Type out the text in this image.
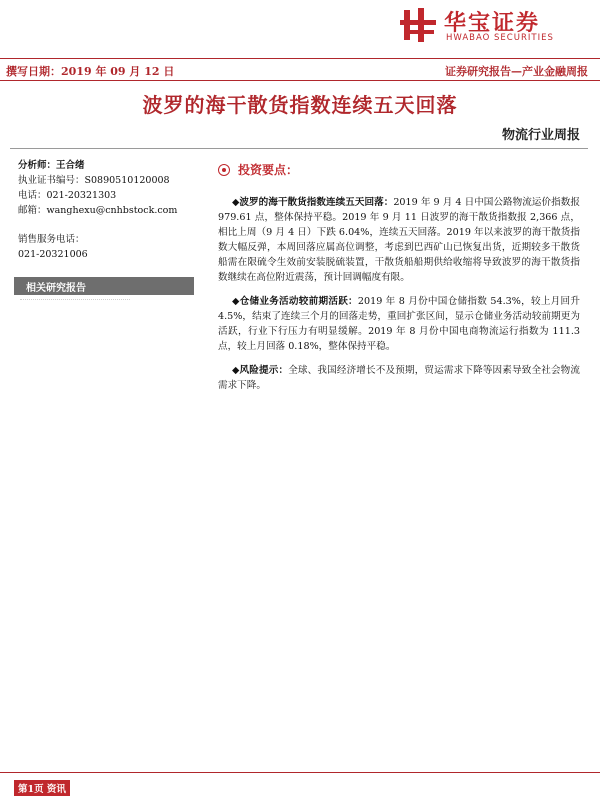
华宝证券
HWABAO SECURITIES
撰写日期：2019 年 09 月 12 日	证券研究报告—产业金融周报
波罗的海干散货指数连续五天回落
物流行业周报
分析师：王合绪
执业证书编号：S0890510120008
电话：021-20321303
邮箱：wanghexu@cnhbstock.com
销售服务电话：
021-20321006
相关研究报告
投资要点：

◆波罗的海干散货指数连续五天回落：2019 年 9 月 4 日中国公路物流运价指数报 979.61 点，整体保持平稳。2019 年 9 月 11 日波罗的海干散货指数报 2,366 点，相比上周（9 月 4 日）下跌 6.04%，连续五天回落。2019 年以来波罗的海干散货指数大幅反弹，本周回落应属高位调整，考虑到巴西矿山已恢复出货，近期较多干散货船需在限硫令生效前安装脱硫装置，干散货船船期供给收缩将导致波罗的海干散货指数继续在高位附近震荡，预计回调幅度有限。

◆仓储业务活动较前期活跃：2019 年 8 月份中国仓储指数 54.3%，较上月回升 4.5%，结束了连续三个月的回落走势，重回扩张区间，显示仓储业务活动较前期更为活跃，行业下行压力有明显缓解。2019 年 8 月份中国电商物流运行指数为 111.3 点，较上月回落 0.18%，整体保持平稳。

◆风险提示：全球、我国经济增长不及预期，贸运需求下降等因素导致全社会物流需求下降。

第1页 资讯
